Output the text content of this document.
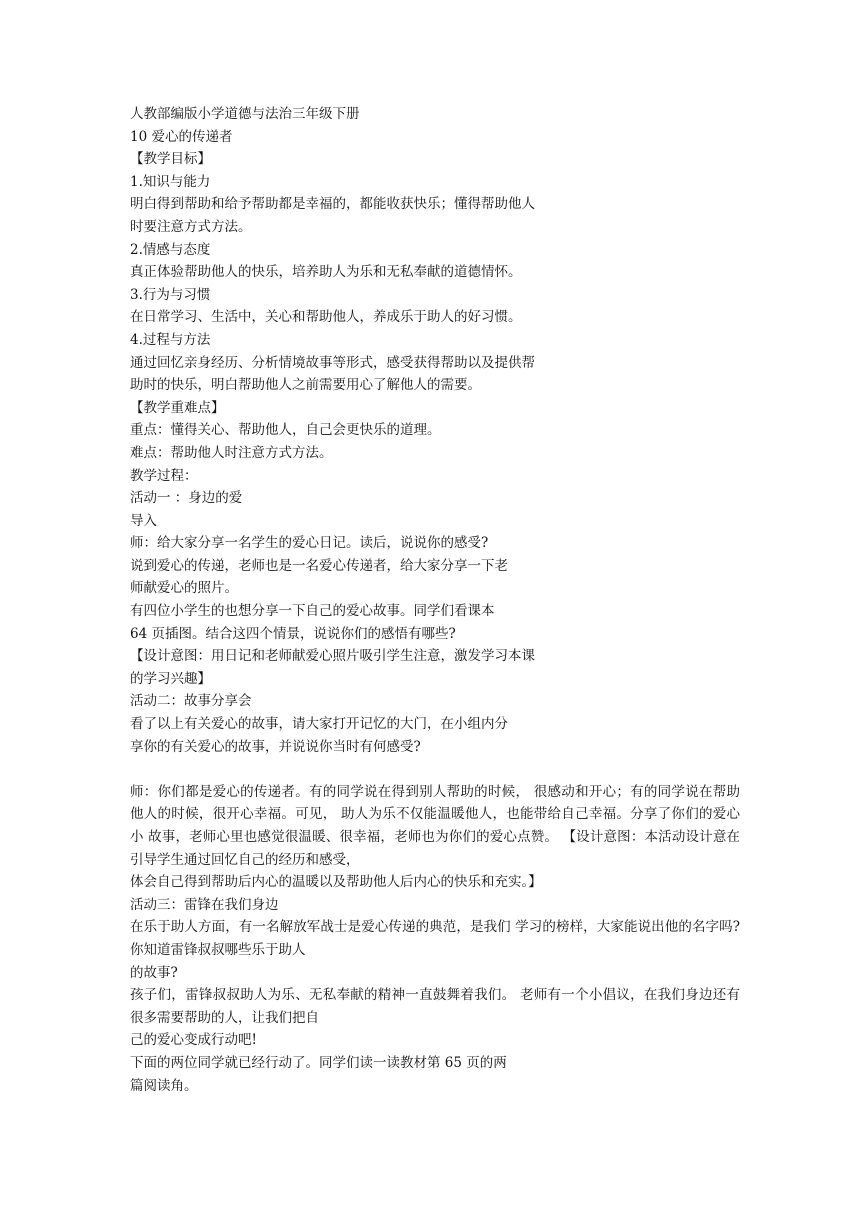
人教部编版小学道德与法治三年级下册
10 爱心的传递者
【教学目标】
1.知识与能力
明白得到帮助和给予帮助都是幸福的，都能收获快乐；懂得帮助他人
时要注意方式方法。
2.情感与态度
真正体验帮助他人的快乐，培养助人为乐和无私奉献的道德情怀。
3.行为与习惯
在日常学习、生活中，关心和帮助他人，养成乐于助人的好习惯。
4.过程与方法
通过回忆亲身经历、分析情境故事等形式，感受获得帮助以及提供帮
助时的快乐，明白帮助他人之前需要用心了解他人的需要。
【教学重难点】
重点：懂得关心、帮助他人，自己会更快乐的道理。
难点：帮助他人时注意方式方法。
教学过程：
活动一 ：身边的爱
导入
师：给大家分享一名学生的爱心日记。读后，说说你的感受?
说到爱心的传递，老师也是一名爱心传递者，给大家分享一下老
师献爱心的照片。
有四位小学生的也想分享一下自己的爱心故事。同学们看课本
64 页插图。结合这四个情景，说说你们的感悟有哪些?
【设计意图：用日记和老师献爱心照片吸引学生注意，激发学习本课
的学习兴趣】
活动二：故事分享会
看了以上有关爱心的故事，请大家打开记忆的大门，在小组内分
享你的有关爱心的故事，并说说你当时有何感受?
师：你们都是爱心的传递者。有的同学说在得到别人帮助的时候， 很感动和开心；有的同学说在帮助他人的时候，很开心幸福。可见， 助人为乐不仅能温暖他人，也能带给自己幸福。分享了你们的爱心小 故事，老师心里也感觉很温暖、很幸福，老师也为你们的爱心点赞。 【设计意图：本活动设计意在引导学生通过回忆自己的经历和感受，
体会自己得到帮助后内心的温暖以及帮助他人后内心的快乐和充实。】
活动三：雷锋在我们身边
在乐于助人方面，有一名解放军战士是爱心传递的典范，是我们 学习的榜样，大家能说出他的名字吗?你知道雷锋叔叔哪些乐于助人
的故事?
孩子们，雷锋叔叔助人为乐、无私奉献的精神一直鼓舞着我们。 老师有一个小倡议，在我们身边还有很多需要帮助的人，让我们把自
己的爱心变成行动吧!
下面的两位同学就已经行动了。同学们读一读教材第 65 页的两
篇阅读角。
